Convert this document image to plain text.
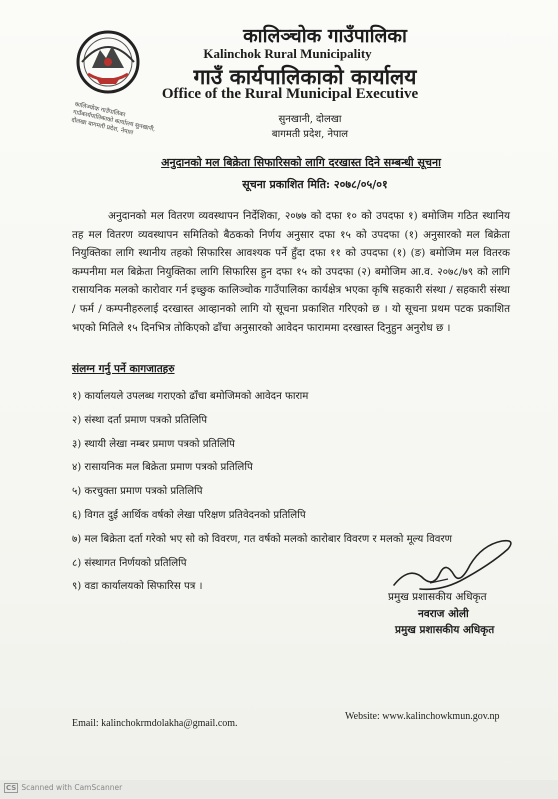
कालिञ्चोक गाउँपालिका
Kalinchok Rural Municipality
गाउँ कार्यपालिकाको कार्यालय
Office of the Rural Municipal Executive
सुनखानी, दोलखा
बागमती प्रदेश, नेपाल
कालिञ्चोक गाउँपालिका गाउँकार्यपालिकाको कार्यालय सुनखानी, दोलखा बागमती प्रदेश, नेपाल
अनुदानको मल बिक्रेता सिफारिसको लागि दरखास्त दिने सम्बन्धी सूचना
सूचना प्रकाशित मिति: २०७८/०५/०१
अनुदानको मल वितरण व्यवस्थापन निर्देशिका, २०७७ को दफा १० को उपदफा १) बमोजिम गठित स्थानिय तह मल वितरण व्यवस्थापन समितिको बैठकको निर्णय अनुसार दफा १५ को उपदफा (१) अनुसारको मल बिक्रेता नियुक्तिका लागि स्थानीय तहको सिफारिस आवश्यक पर्ने हुँदा दफा ११ को उपदफा (१) (ङ) बमोजिम मल वितरक कम्पनीमा मल बिक्रेता नियुक्तिका लागि सिफारिस हुन दफा १५ को उपदफा (२) बमोजिम आ.व. २०७८/७९ को लागि रासायनिक मलको कारोवार गर्न इच्छुक कालिञ्चोक गाउँपालिका कार्यक्षेत्र भएका कृषि सहकारी संस्था / सहकारी संस्था / फर्म / कम्पनीहरुलाई दरखास्त आव्हानको लागि यो सूचना प्रकाशित गरिएको छ । यो सूचना प्रथम पटक प्रकाशित भएको मितिले १५ दिनभित्र तोकिएको ढाँचा अनुसारको आवेदन फाराममा दरखास्त दिनुहुन अनुरोध छ ।
संलग्न गर्नु पर्ने कागजातहरु
१) कार्यालयले उपलब्ध गराएको ढाँचा बमोजिमको आवेदन फाराम
२) संस्था दर्ता प्रमाण पत्रको प्रतिलिपि
३) स्थायी लेखा नम्बर प्रमाण पत्रको प्रतिलिपि
४) रासायनिक मल बिक्रेता प्रमाण पत्रको प्रतिलिपि
५) करचुक्ता प्रमाण पत्रको प्रतिलिपि
६) विगत दुई आर्थिक वर्षको लेखा परिक्षण प्रतिवेदनको प्रतिलिपि
७) मल बिक्रेता दर्ता गरेको भए सो को विवरण, गत वर्षको मलको कारोबार विवरण र मलको मूल्य विवरण
८) संस्थागत निर्णयको प्रतिलिपि
९) वडा कार्यालयको सिफारिस पत्र ।
प्रमुख प्रशासकीय अधिकृत
नवराज ओली
प्रमुख प्रशासकीय अधिकृत
Email: kalinchokrmdolakha@gmail.com.
Website: www.kalinchowkmun.gov.np
CS Scanned with CamScanner
